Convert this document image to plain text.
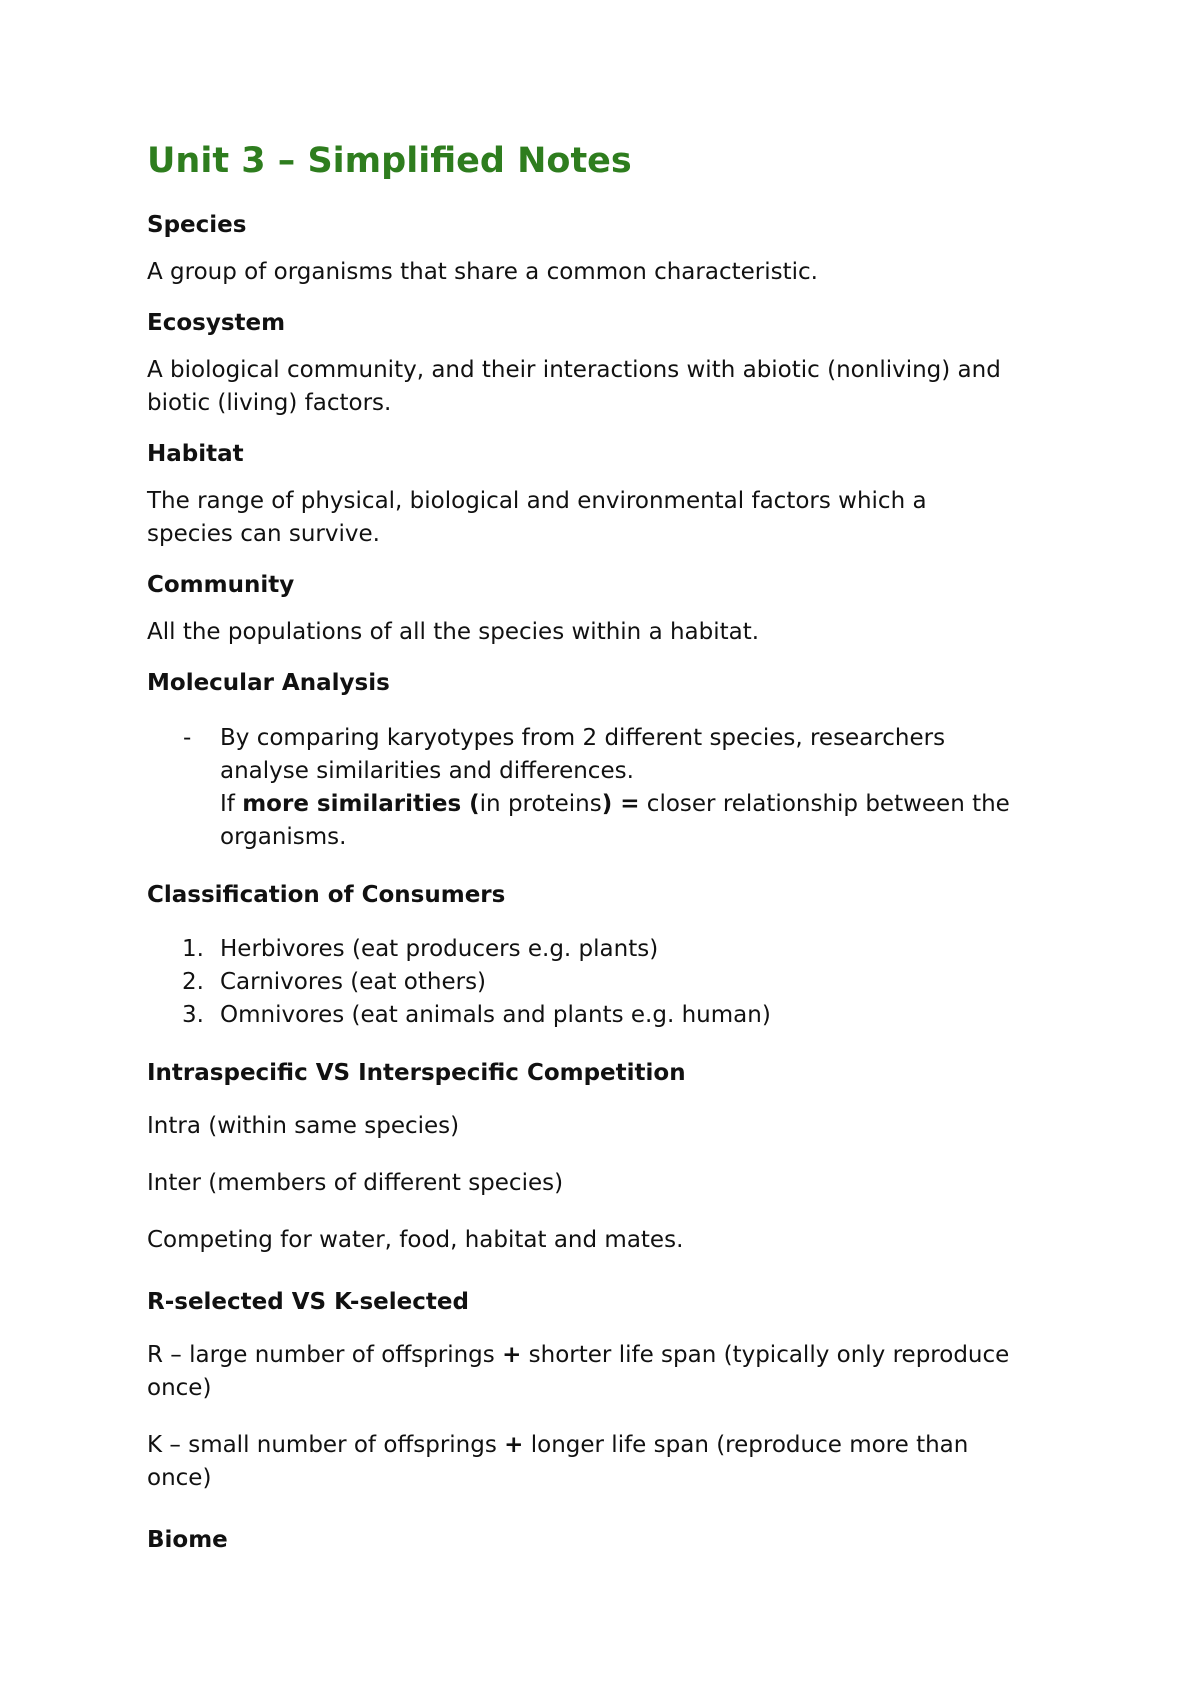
Unit 3 – Simplified Notes
Species

A group of organisms that share a common characteristic.

Ecosystem

A biological community, and their interactions with abiotic (nonliving) and

biotic (living) factors.

Habitat

The range of physical, biological and environmental factors which a

species can survive.

Community

All the populations of all the species within a habitat.

Molecular Analysis
- By comparing karyotypes from 2 different species, researchers
analyse similarities and differences.
If more similarities (in proteins) = closer relationship between the
organisms.
Classification of Consumers
1. Herbivores (eat producers e.g. plants)
2. Carnivores (eat others)
3. Omnivores (eat animals and plants e.g. human)
Intraspecific VS Interspecific Competition

Intra (within same species)

Inter (members of different species)

Competing for water, food, habitat and mates.

R-selected VS K-selected

R – large number of offsprings + shorter life span (typically only reproduce

once)

K – small number of offsprings + longer life span (reproduce more than

once)

Biome
